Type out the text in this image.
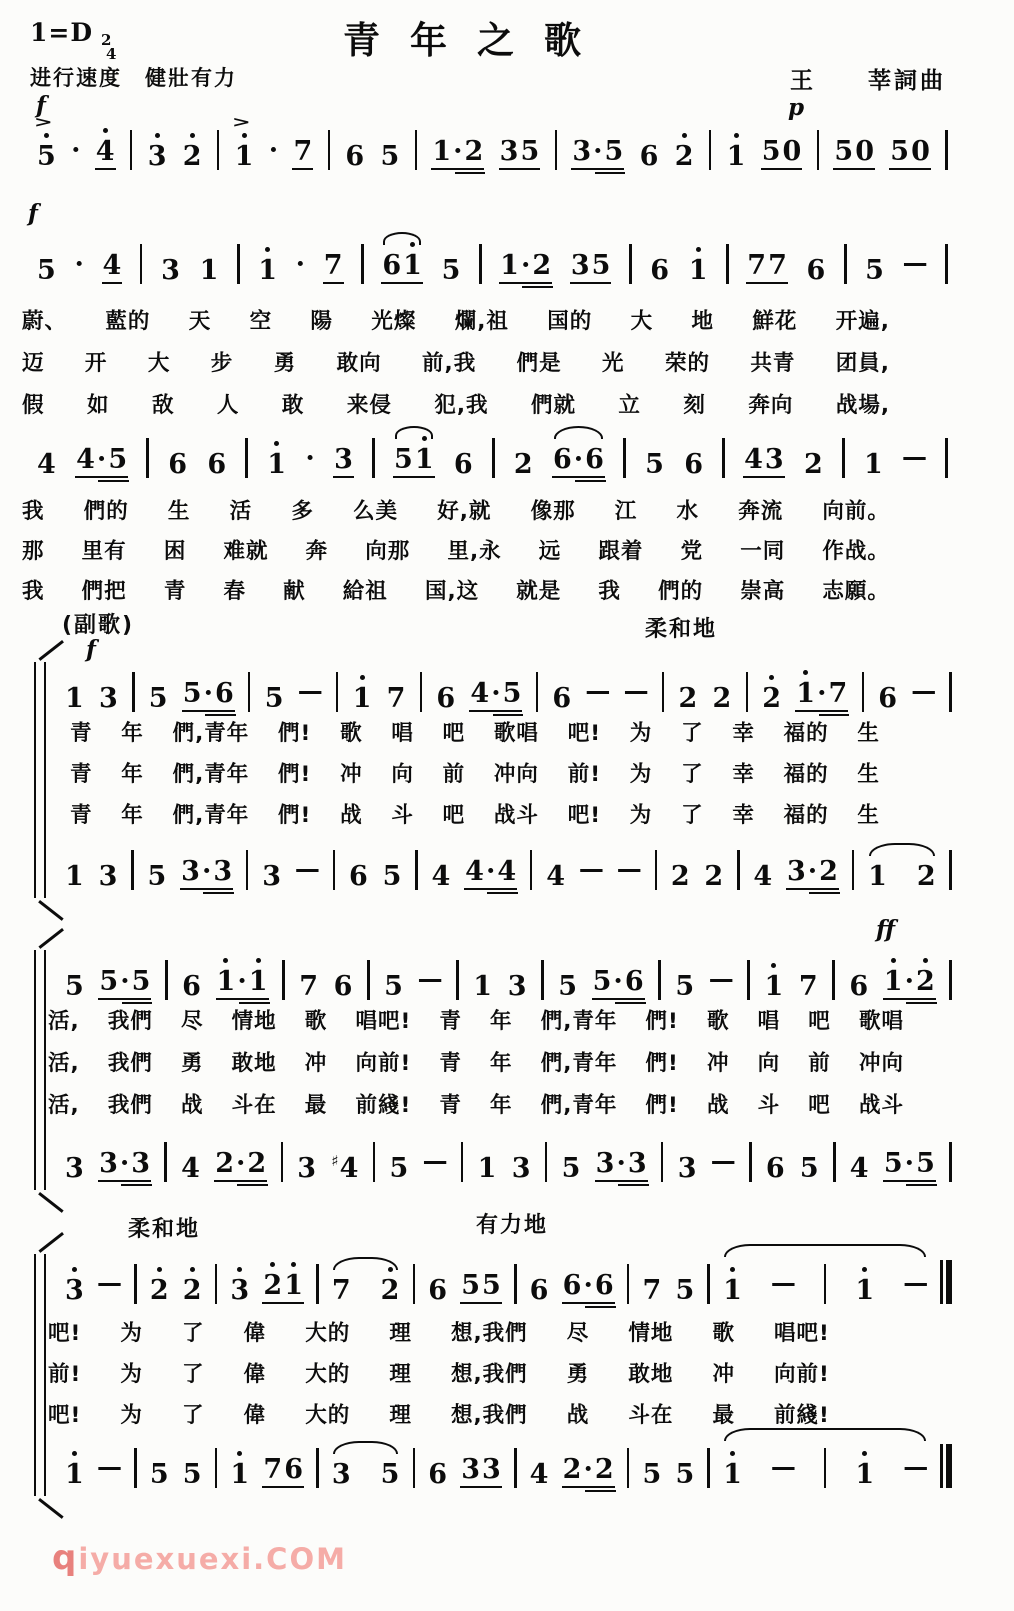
1=D 2
4	青年之歌
进行速度　健壯有力	王　　莘詞曲
f	p
>
5 · 4 3 2
>
1 · 7 6 5 1 · 2 3 5 3 · 5 6 2 1 5 0 5 0 5 0
f
5 · 4 3 1 1 · 7 6 1 5 1 · 2 3 5 6 1 7 7 6 5 —
蔚、 藍的 天 空 陽 光燦 爛,祖 国的 大 地 鮮花 开遍,
迈 开 大 步 勇 敢向 前,我 們是 光 荣的 共青 团員,
假 如 敌 人 敢 来侵 犯,我 們就 立 刻 奔向 战場,
4 4 · 5 6 6 1 · 3 5 1 6 2 6 · 6 5 6 4 3 2 1 —
我 們的 生 活 多 么美 好,就 像那 江 水 奔流 向前。
那 里有 困 难就 奔 向那 里,永 远 跟着 党 一同 作战。
我 們把 青 春 献 給祖 国,这 就是 我 們的 崇高 志願。
(副歌)	柔和地
f
1 3 5 5 · 6 5 — 1 7 6 4 · 5 6 — — 2 2 2 1 · 7 6 —
1 3 5 3 · 3 3 — 6 5 4 4 · 4 4 — — 2 2 4 3 · 2 1 2
青 年 們,青年 們! 歌 唱 吧 歌唱 吧! 为 了 幸 福的 生
青 年 們,青年 們! 冲 向 前 冲向 前! 为 了 幸 福的 生
青 年 們,青年 們! 战 斗 吧 战斗 吧! 为 了 幸 福的 生
ff
5 5 · 5 6 1 · 1 7 6 5 — 1 3 5 5 · 6 5 — 1 7 6 1 · 2
3 3 · 3 4 2 · 2 3 ♯4 5 — 1 3 5 3 · 3 3 — 6 5 4 5 · 5
活, 我們 尽 情地 歌 唱吧! 青 年 們,青年 們! 歌 唱 吧 歌唱
活, 我們 勇 敢地 冲 向前! 青 年 們,青年 們! 冲 向 前 冲向
活, 我們 战 斗在 最 前綫! 青 年 們,青年 們! 战 斗 吧 战斗
柔和地	有力地
3 — 2 2 3 2 1 7 2 6 5 5 6 6 · 6 7 5 1 — 1 —
1 — 5 5 1 7 6 3 5 6 3 3 4 2 · 2 5 5 1 — 1 —
吧! 为 了 偉 大的 理 想,我們 尽 情地 歌 唱吧!
前! 为 了 偉 大的 理 想,我們 勇 敢地 冲 向前!
吧! 为 了 偉 大的 理 想,我們 战 斗在 最 前綫!
qiyuexuexi.COM
